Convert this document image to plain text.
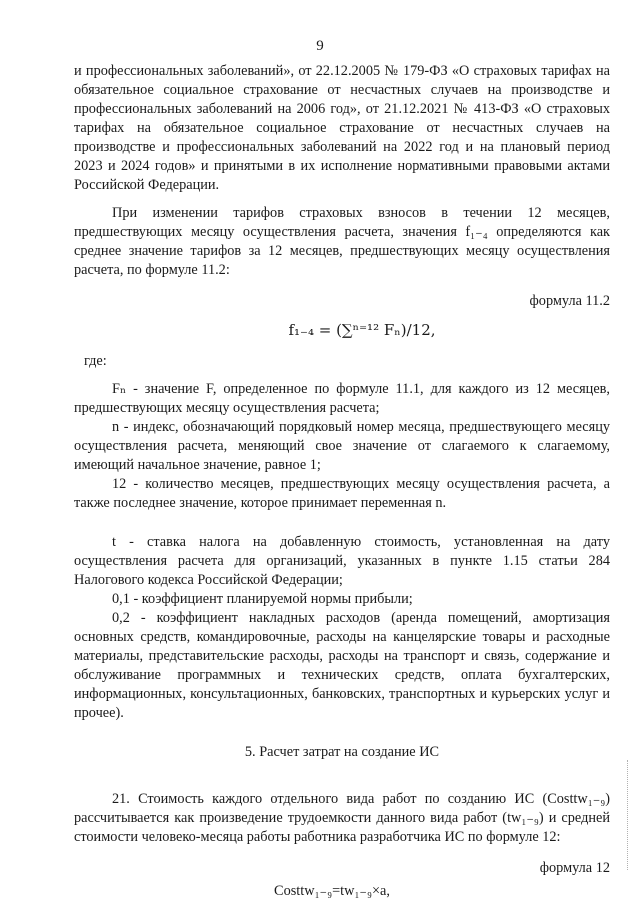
9

и профессиональных заболеваний», от 22.12.2005 № 179-ФЗ «О страховых тарифах на обязательное социальное страхование от несчастных случаев на производстве и профессиональных заболеваний на 2006 год», от 21.12.2021 № 413-ФЗ «О страховых тарифах на обязательное социальное страхование от несчастных случаев на производстве и профессиональных заболеваний на 2022 год и на плановый период 2023 и 2024 годов» и принятыми в их исполнение нормативными правовыми актами Российской Федерации.

При изменении тарифов страховых взносов в течении 12 месяцев, предшествующих месяцу осуществления расчета, значения f₁₋₄ определяются как среднее значение тарифов за 12 месяцев, предшествующих месяцу осуществления расчета, по формуле 11.2:

формула 11.2

f₁₋₄ = (∑ⁿ⁼¹² Fₙ)/12,

где:

Fₙ - значение F, определенное по формуле 11.1, для каждого из 12 месяцев, предшествующих месяцу осуществления расчета;

n - индекс, обозначающий порядковый номер месяца, предшествующего месяцу осуществления расчета, меняющий свое значение от слагаемого к слагаемому, имеющий начальное значение, равное 1;

12 - количество месяцев, предшествующих месяцу осуществления расчета, а также последнее значение, которое принимает переменная n.

t - ставка налога на добавленную стоимость, установленная на дату осуществления расчета для организаций, указанных в пункте 1.15 статьи 284 Налогового кодекса Российской Федерации;

0,1 - коэффициент планируемой нормы прибыли;

0,2 - коэффициент накладных расходов (аренда помещений, амортизация основных средств, командировочные, расходы на канцелярские товары и расходные материалы, представительские расходы, расходы на транспорт и связь, содержание и обслуживание программных и технических средств, оплата бухгалтерских, информационных, консультационных, банковских, транспортных и курьерских услуг и прочее).

5. Расчет затрат на создание ИС

21. Стоимость каждого отдельного вида работ по созданию ИС (Costtw₁₋₉) рассчитывается как произведение трудоемкости данного вида работ (tw₁₋₉) и средней стоимости человеко-месяца работы работника разработчика ИС по формуле 12:

формула 12

Costtw₁₋₉=tw₁₋₉×a,
